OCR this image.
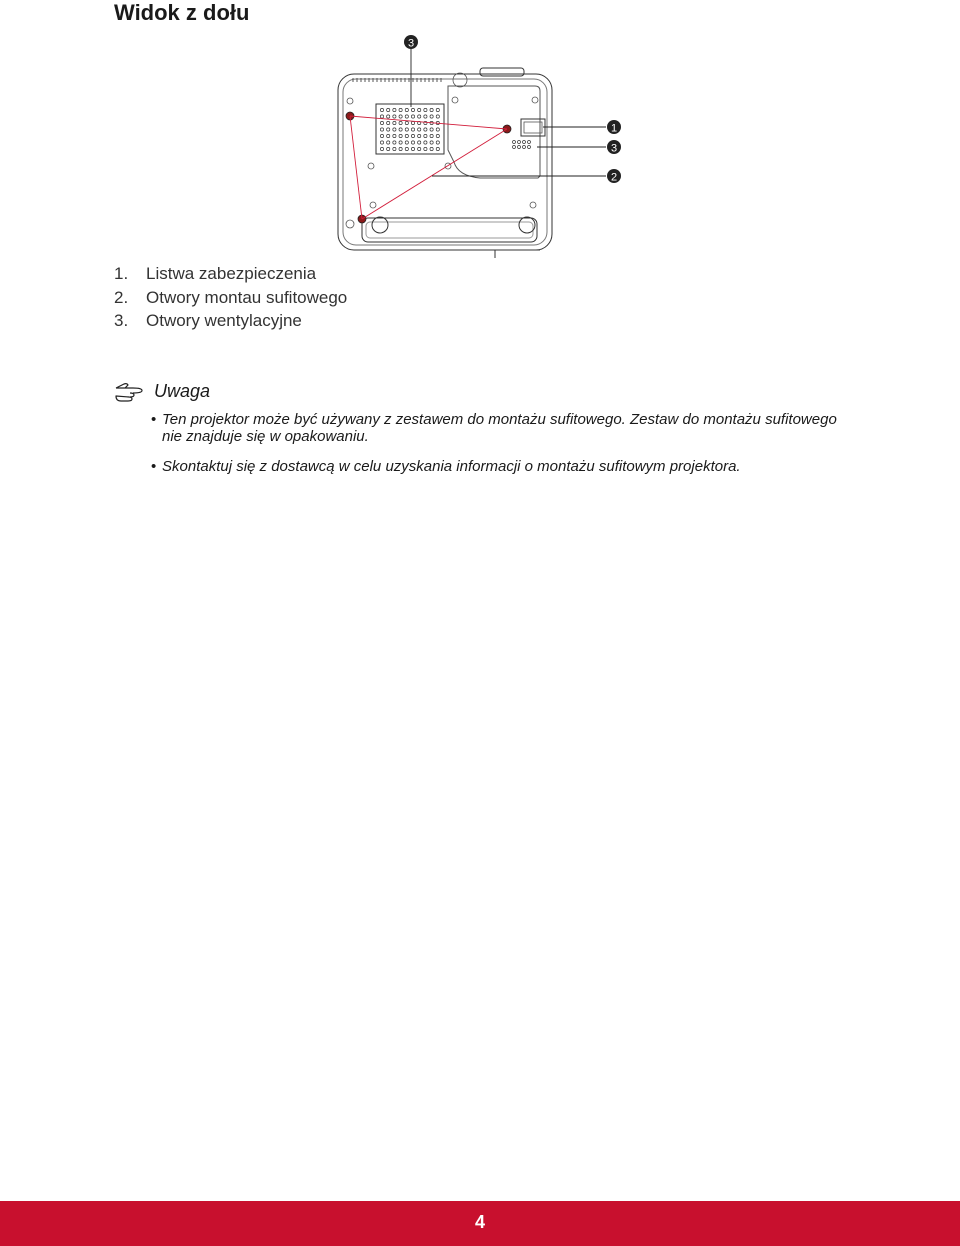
Widok z dołu
3
1
3
2
1. Listwa zabezpieczenia
2. Otwory montau sufitowego
3. Otwory wentylacyjne
Uwaga
• Ten projektor może być używany z zestawem do montażu sufitowego. Zestaw do montażu sufitowego nie znajduje się w opakowaniu.
• Skontaktuj się z dostawcą w celu uzyskania informacji o montażu sufitowym projektora.
4
